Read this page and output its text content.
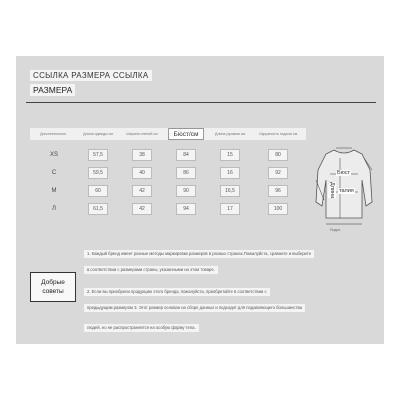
ССЫЛКА РАЗМЕРА ССЫЛКА
РАЗМЕРА
Дополнительно	Длина одежды см	Ширина плечей см	Бюст/см	Длина рукавов см	Окружность подола см
XS	57,5	38	84	15	80
С	59,5	40	86	16	92
M	60	42	90	16,5	96
Л	61,5	42	94	17	100
Бюст
Длина талия
Подол
Добрые
советы
1. Каждый бренд имеет разные методы маркировки размеров в разных странах.Пожалуйста, сравните и выберите
в соответствии с размерами страны, указанными на этом товаре.
2. Если вы приобрели продукцию этого бренда, пожалуйста, приобретайте в соответствии с
предыдущим размером 3. Этот размер основан на сборе данных и подходит для подавляющего большинства
людей, но не распространяется на особую форму тела.
